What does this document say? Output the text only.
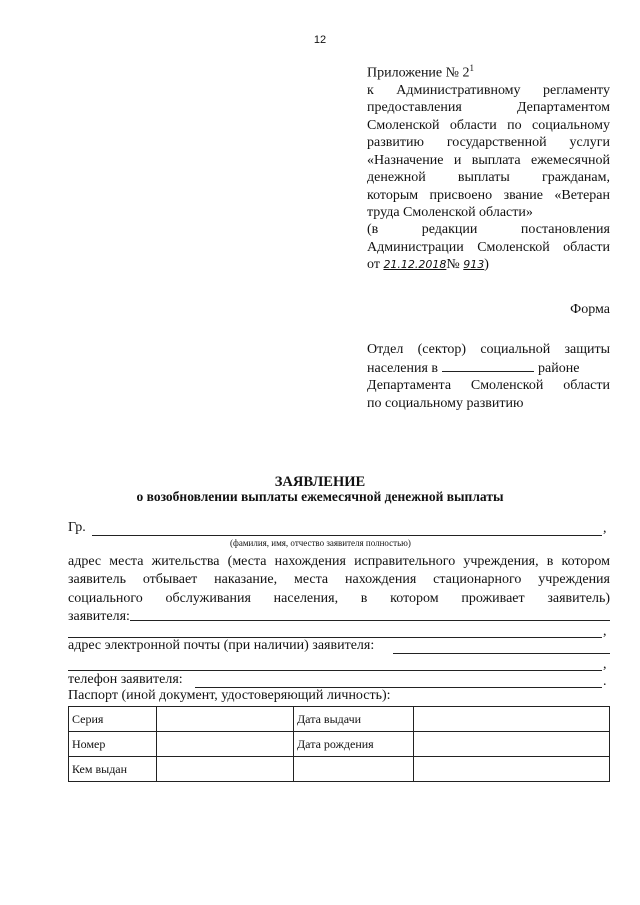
12
Приложение № $2^1$
к Административному регламенту
предоставления Департаментом
Смоленской области по социальному
развитию государственной услуги
«Назначение и выплата ежемесячной
денежной выплаты гражданам,
которым присвоено звание «Ветеран
труда Смоленской области»
(в редакции постановления
Администрации Смоленской области
от 21.12.2018№ 913)
Форма
Отдел (сектор) социальной защиты
населения в	районе
Департамента Смоленской области
по социальному развитию
ЗАЯВЛЕНИЕ
о возобновлении выплаты ежемесячной денежной выплаты
Гр.	,
(фамилия, имя, отчество заявителя полностью)
адрес места жительства (места нахождения исправительного учреждения, в котором
заявитель отбывает наказание, места нахождения стационарного учреждения
социального обслуживания населения, в котором проживает заявитель)
заявителя:
,
адрес электронной почты (при наличии) заявителя:
,
телефон заявителя:	.
Паспорт (иной документ, удостоверяющий личность):
Серия		Дата выдачи	
Номер		Дата рождения	
Кем выдан			
